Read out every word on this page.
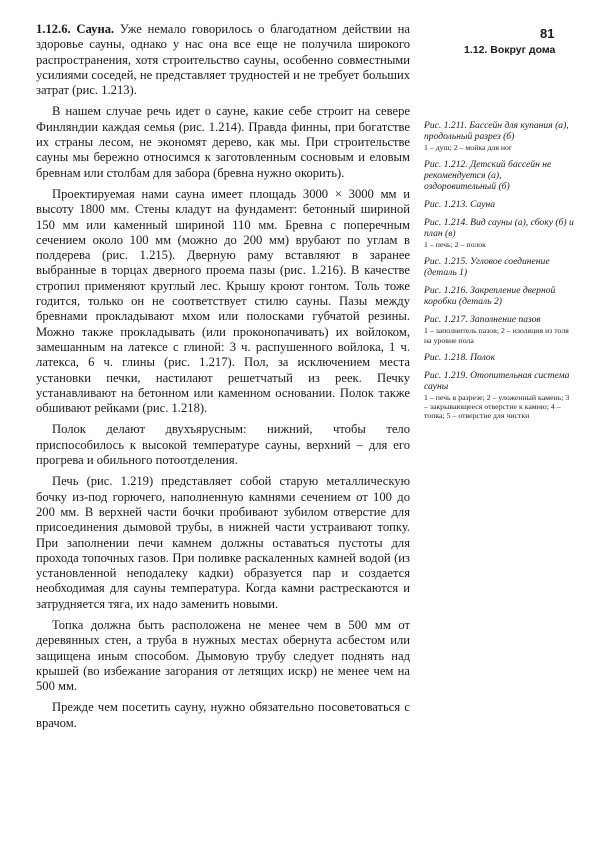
81
1.12. Вокруг дома

1.12.6. Сауна. Уже немало говорилось о благодатном действии на здоровье сауны, однако у нас она все еще не получила широкого распространения, хотя строительство сауны, особенно совместными усилиями соседей, не представляет трудностей и не требует больших затрат (рис. 1.213).

В нашем случае речь идет о сауне, какие себе строит на севере Финляндии каждая семья (рис. 1.214). Правда финны, при богатстве их страны лесом, не экономят дерево, как мы. При строительстве сауны мы бережно относимся к заготовленным сосновым и еловым бревнам или столбам для забора (бревна нужно окорить).

Проектируемая нами сауна имеет площадь 3000 × 3000 мм и высоту 1800 мм. Стены кладут на фундамент: бетонный шириной 150 мм или каменный шириной 110 мм. Бревна с поперечным сечением около 100 мм (можно до 200 мм) врубают по углам в полдерева (рис. 1.215). Дверную раму вставляют в заранее выбранные в торцах дверного проема пазы (рис. 1.216). В качестве стропил применяют круглый лес. Крышу кроют гонтом. Толь тоже годится, только он не соответствует стилю сауны. Пазы между бревнами прокладывают мхом или полосками губчатой резины. Можно также прокладывать (или проконопачивать) их войлоком, замешанным на латексе с глиной: 3 ч. распушенного войлока, 1 ч. латекса, 6 ч. глины (рис. 1.217). Пол, за исключением места установки печки, настилают решетчатый из реек. Печку устанавливают на бетонном или каменном основании. Полок также обшивают рейками (рис. 1.218).

Полок делают двухъярусным: нижний, чтобы тело приспособилось к высокой температуре сауны, верхний – для его прогрева и обильного потоотделения.

Печь (рис. 1.219) представляет собой старую металлическую бочку из-под горючего, наполненную камнями сечением от 100 до 200 мм. В верхней части бочки пробивают зубилом отверстие для присоединения дымовой трубы, в нижней части устраивают топку. При заполнении печи камнем должны оставаться пустоты для прохода топочных газов. При поливке раскаленных камней водой (из установленной неподалеку кадки) образуется пар и создается необходимая для сауны температура. Когда камни растрескаются и затрудняется тяга, их надо заменить новыми.

Топка должна быть расположена не менее чем в 500 мм от деревянных стен, а труба в нужных местах обернута асбестом или защищена иным способом. Дымовую трубу следует поднять над крышей (во избежание загорания от летящих искр) не менее чем на 500 мм.

Прежде чем посетить сауну, нужно обязательно посоветоваться с врачом.

Рис. 1.211. Бассейн для купания (а), продольный разрез (б)
1 – душ; 2 – мойка для ног
Рис. 1.212. Детский бассейн не рекомендуется (а), оздоровительный (б)
Рис. 1.213. Сауна
Рис. 1.214. Вид сауны (а), сбоку (б) и план (в)
1 – печь; 2 – полок
Рис. 1.215. Угловое соединение (деталь 1)
Рис. 1.216. Закрепление дверной коробки (деталь 2)
Рис. 1.217. Заполнение пазов
1 – заполнитель пазов; 2 – изоляция из толя на уровне пола
Рис. 1.218. Полок
Рис. 1.219. Отопительная система сауны
1 – печь в разрезе; 2 – уложенный камень; 3 – закрывающееся отверстие к камню; 4 – топка; 5 – отверстие для чистки
